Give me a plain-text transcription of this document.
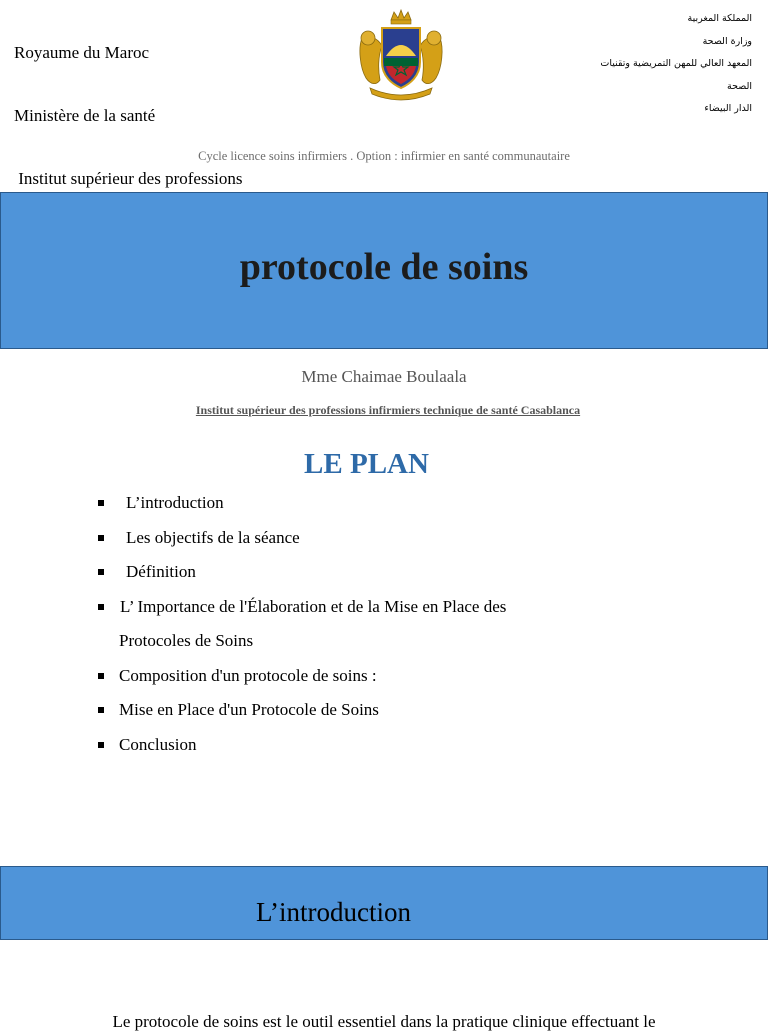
Royaume du Maroc

Ministère de la santé

Institut supérieur des professions

المملكة المغربية
وزارة الصحة
المعهد العالي للمهن التمريضية وتقنيات
الصحة
الدار البيضاء
Cycle licence soins infirmiers . Option : infirmier en santé communautaire
protocole de soins
Mme Chaimae Boulaala
Institut supérieur des professions infirmiers technique de santé Casablanca
LE PLAN
L’introduction
Les objectifs de la séance
Définition
L’ Importance de l'Élaboration et de la Mise en Place des
Protocoles de Soins
Composition d'un protocole de soins :
Mise en Place d'un Protocole de Soins
Conclusion
L’introduction
Le protocole de soins est le outil essentiel dans la pratique clinique effectuant le
